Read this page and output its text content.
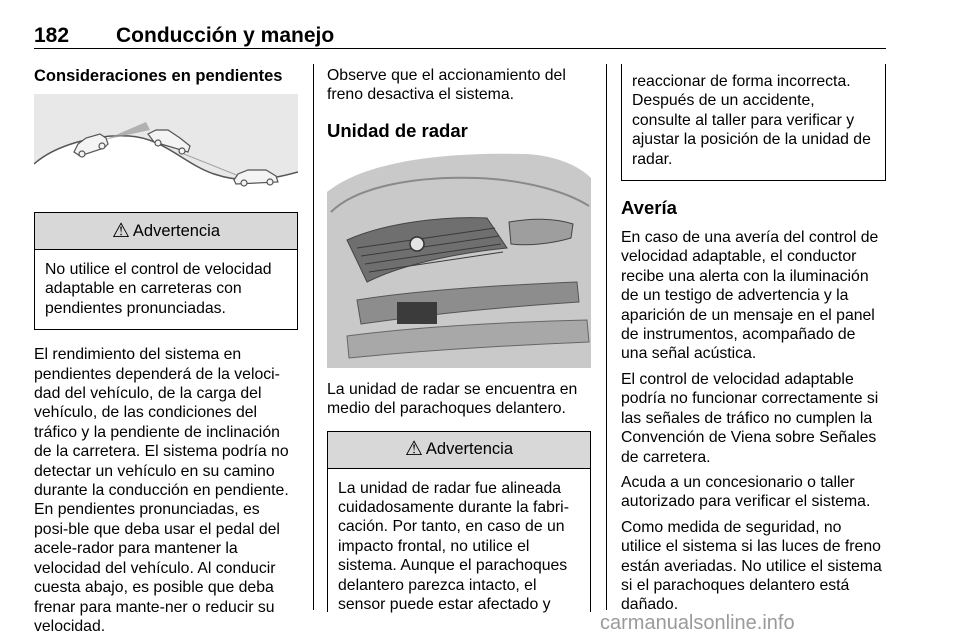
182 Conducción y manejo
Consideraciones en pendientes
⚠ Advertencia
No utilice el control de velocidad adaptable en carreteras con pendientes pronunciadas.

El rendimiento del sistema en pendientes dependerá de la veloci-dad del vehículo, de la carga del vehículo, de las condiciones del tráfico y la pendiente de inclinación de la carretera. El sistema podría no detectar un vehículo en su camino durante la conducción en pendiente. En pendientes pronunciadas, es posi-ble que deba usar el pedal del acele-rador para mantener la velocidad del vehículo. Al conducir cuesta abajo, es posible que deba frenar para mante-ner o reducir su velocidad.

Observe que el accionamiento del freno desactiva el sistema.

Unidad de radar

La unidad de radar se encuentra en medio del parachoques delantero.

⚠ Advertencia
La unidad de radar fue alineada cuidadosamente durante la fabri-cación. Por tanto, en caso de un impacto frontal, no utilice el sistema. Aunque el parachoques delantero parezca intacto, el sensor puede estar afectado y
reaccionar de forma incorrecta. Después de un accidente, consulte al taller para verificar y ajustar la posición de la unidad de radar.
Avería

En caso de una avería del control de velocidad adaptable, el conductor recibe una alerta con la iluminación de un testigo de advertencia y la aparición de un mensaje en el panel de instrumentos, acompañado de una señal acústica.

El control de velocidad adaptable podría no funcionar correctamente si las señales de tráfico no cumplen la Convención de Viena sobre Señales de carretera.

Acuda a un concesionario o taller autorizado para verificar el sistema.

Como medida de seguridad, no utilice el sistema si las luces de freno están averiadas. No utilice el sistema si el parachoques delantero está dañado.

carmanualsonline.info
